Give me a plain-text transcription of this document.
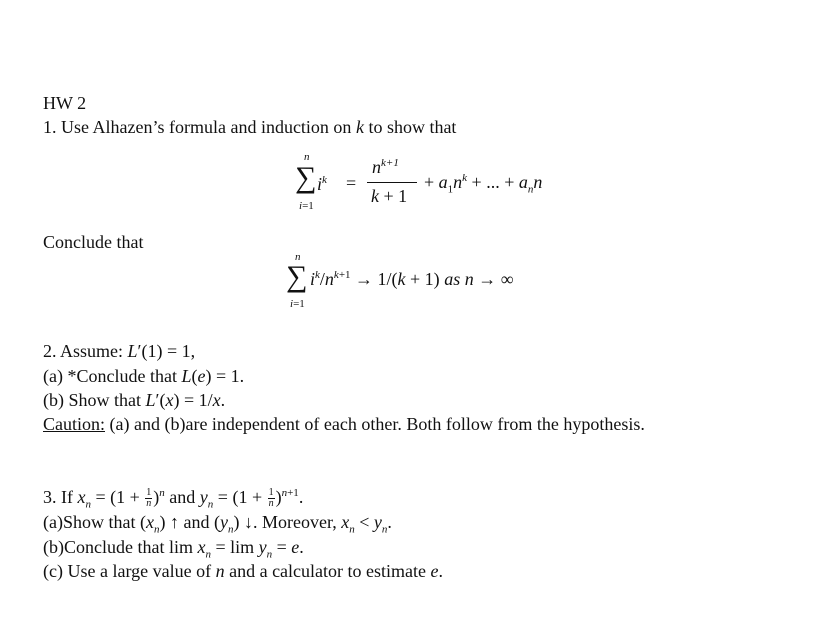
HW 2
1. Use Alhazen’s formula and induction on k to show that
n
∑
i=1
$i^k$ =
$n^{k+1}$
k + 1
+ $a_1n^k$ + ... + $a_nn$
Conclude that
n
∑
i=1
$i^k/n^{k+1} \to 1/(k + 1)$ as n → ∞
2. Assume: L′(1) = 1,
(a) *Conclude that L(e) = 1.
(b) Show that L′(x) = 1/x.
Caution: (a) and (b)are independent of each other. Both follow from the hypothesis.
3. If $x_n = (1 + \frac{1}{n} )^n$ and $y_n = (1 + \frac{1}{n} )^{n+1}$.
(a)Show that $(x_n)$ ↑ and $(y_n)$ ↓. Moreover, $x_n < y_n$.
(b)Conclude that $\lim x_n = \lim y_n = e$.
(c) Use a large value of n and a calculator to estimate e.
